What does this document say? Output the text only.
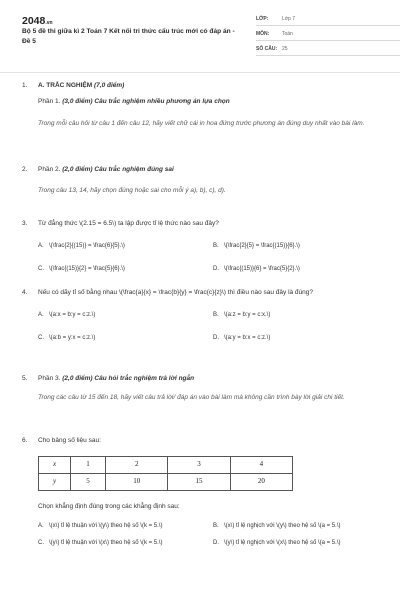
2048.vn
Bộ 5 đề thi giữa kì 2 Toán 7 Kết nối tri thức cấu trúc mới có đáp án - Đề 5
LỚP:	Lớp 7
MÔN:	Toán
SỐ CÂU: 25
1. A. TRẮC NGHIỆM (7,0 điểm)
Phần 1. (3,0 điểm) Câu trắc nghiệm nhiều phương án lựa chọn
Trong mỗi câu hỏi từ câu 1 đến câu 12, hãy viết chữ cái in hoa đứng trước phương án đúng duy nhất vào bài làm.
2. Phần 2. (2,0 điểm) Câu trắc nghiệm đúng sai
Trong câu 13, 14, hãy chọn đúng hoặc sai cho mỗi ý a), b), c), d).
3. Từ đẳng thức \(2.15 = 6.5\) ta lập được tỉ lệ thức nào sau đây?
A. \(\frac{2}{(15)} = \frac{6}{5}.\)	B. \(\frac{2}{5} = \frac{(15)}{6}.\)
C. \(\frac{(15)}{2} = \frac{5}{6}.\)	D. \(\frac{(15)}{6} = \frac{5}{2}.\)
4. Nếu có dãy tỉ số bằng nhau \(\frac{a}{x} = \frac{b}{y} = \frac{c}{z}\) thì điều nào sau đây là đúng?
A. \(a:x = b:y = c:z.\)	B. \(a:z = b:y = c:x.\)
C. \(a:b = y:x = c:z.\)	D. \(a:y = b:x = c:z.\)
5. Phần 3. (2,0 điểm) Câu hỏi trắc nghiệm trả lời ngắn
Trong các câu từ 15 đến 18, hãy viết câu trả lời/ đáp án vào bài làm mà không cần trình bày lời giải chi tiết.
6. Cho bảng số liệu sau:
x	1	2	3	4
y	5	10	15	20
Chọn khẳng định đúng trong các khẳng định sau:
A. \(x\) tỉ lệ thuận với \(y\) theo hệ số \(k = 5.\)	B. \(x\) tỉ lệ nghịch với \(y\) theo hệ số \(a = 5.\)
C. \(y\) tỉ lệ thuận với \(x\) theo hệ số \(k = 5.\)	D. \(y\) tỉ lệ nghịch với \(x\) theo hệ số \(a = 5.\)
